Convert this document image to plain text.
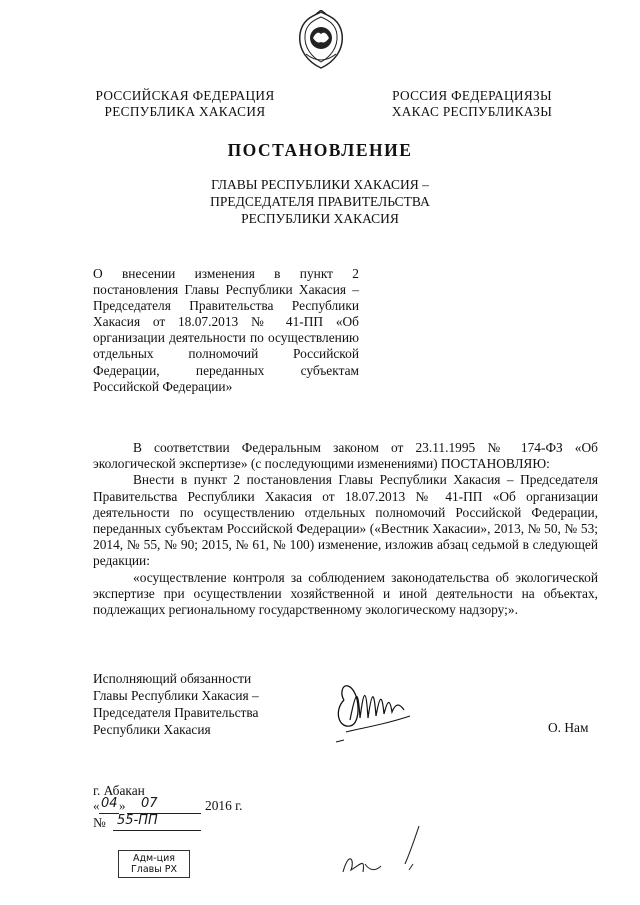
РОССИЙСКАЯ ФЕДЕРАЦИЯ
РЕСПУБЛИКА ХАКАСИЯ
РОССИЯ ФЕДЕРАЦИЯЗЫ
ХАКАС РЕСПУБЛИКАЗЫ
ПОСТАНОВЛЕНИЕ
ГЛАВЫ РЕСПУБЛИКИ ХАКАСИЯ –
ПРЕДСЕДАТЕЛЯ ПРАВИТЕЛЬСТВА
РЕСПУБЛИКИ ХАКАСИЯ
О внесении изменения в пункт 2 постановления Главы Республики Хакасия – Председателя Правительства Республики Хакасия от 18.07.2013 № 41-ПП «Об организации деятельности по осуществлению отдельных полномочий Российской Федерации, переданных субъектам Российской Федерации»

В соответствии Федеральным законом от 23.11.1995 № 174-ФЗ «Об экологической экспертизе» (с последующими изменениями) ПОСТАНОВЛЯЮ:

Внести в пункт 2 постановления Главы Республики Хакасия – Председателя Правительства Республики Хакасия от 18.07.2013 № 41-ПП «Об организации деятельности по осуществлению отдельных полномочий Российской Федерации, переданных субъектам Российской Федерации» («Вестник Хакасии», 2013, № 50, № 53; 2014, № 55, № 90; 2015, № 61, № 100) изменение, изложив абзац седьмой в следующей редакции:

«осуществление контроля за соблюдением законодательства об экологической экспертизе при осуществлении хозяйственной и иной деятельности на объектах, подлежащих региональному государственному экологическому надзору;».

Исполняющий обязанности
Главы Республики Хакасия –
Председателя Правительства
Республики Хакасия	О. Нам
г. Абакан
« 04 » 07	2016 г.
№ 55-ПП
Адм-ция
Главы РХ
